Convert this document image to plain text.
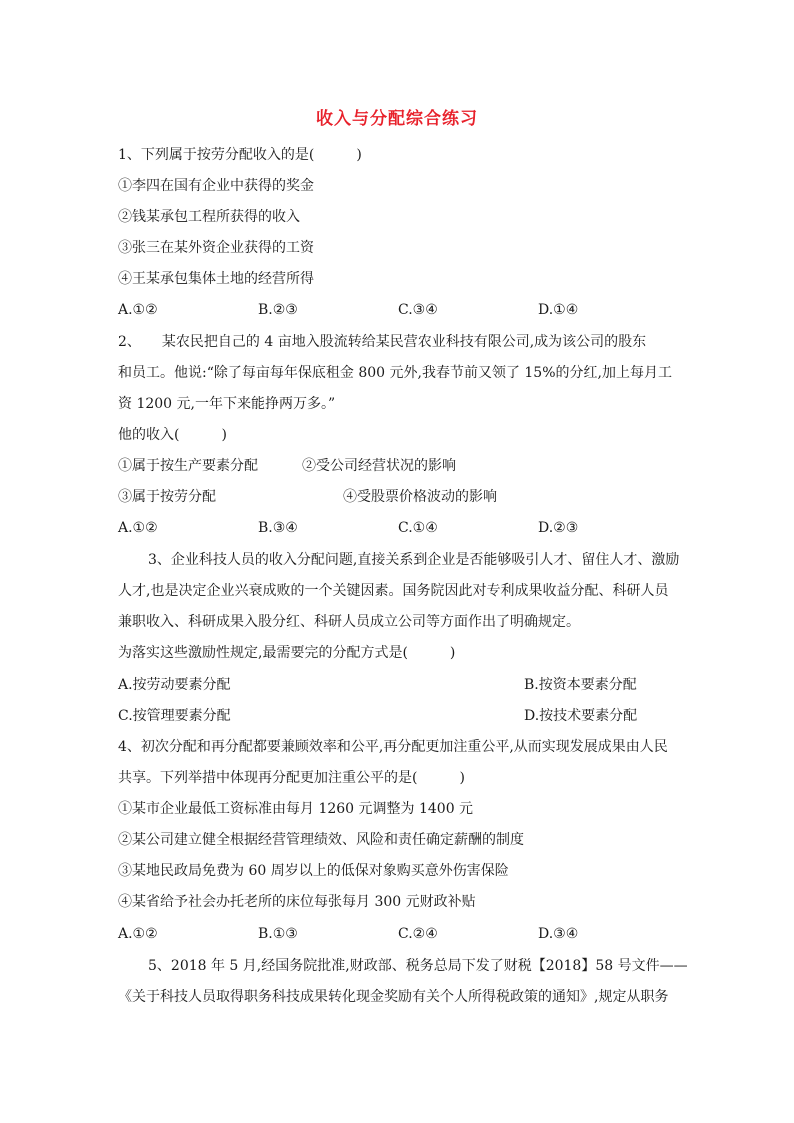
收入与分配综合练习
1、下列属于按劳分配收入的是(　　　)
①李四在国有企业中获得的奖金
②钱某承包工程所获得的收入
③张三在某外资企业获得的工资
④王某承包集体土地的经营所得
A.①②	B.②③	C.③④	D.①④
2、　　某农民把自己的 4 亩地入股流转给某民营农业科技有限公司,成为该公司的股东
和员工。他说:“除了每亩每年保底租金 800 元外,我春节前又领了 15%的分红,加上每月工
资 1200 元,一年下来能挣两万多。”
他的收入(　　　)
①属于按生产要素分配	②受公司经营状况的影响
③属于按劳分配	④受股票价格波动的影响
A.①②	B.③④	C.①④	D.②③
3、企业科技人员的收入分配问题,直接关系到企业是否能够吸引人才、留住人才、激励
人才,也是决定企业兴衰成败的一个关键因素。国务院因此对专利成果收益分配、科研人员
兼职收入、科研成果入股分红、科研人员成立公司等方面作出了明确规定。
为落实这些激励性规定,最需要完的分配方式是(　　　)
A.按劳动要素分配	B.按资本要素分配
C.按管理要素分配	D.按技术要素分配
4、初次分配和再分配都要兼顾效率和公平,再分配更加注重公平,从而实现发展成果由人民
共享。下列举措中体现再分配更加注重公平的是(　　　)
①某市企业最低工资标准由每月 1260 元调整为 1400 元
②某公司建立健全根据经营管理绩效、风险和责任确定薪酬的制度
③某地民政局免费为 60 周岁以上的低保对象购买意外伤害保险
④某省给予社会办托老所的床位每张每月 300 元财政补贴
A.①②	B.①③	C.②④	D.③④
5、2018 年 5 月,经国务院批准,财政部、税务总局下发了财税【2018】58 号文件——
《关于科技人员取得职务科技成果转化现金奖励有关个人所得税政策的通知》,规定从职务
